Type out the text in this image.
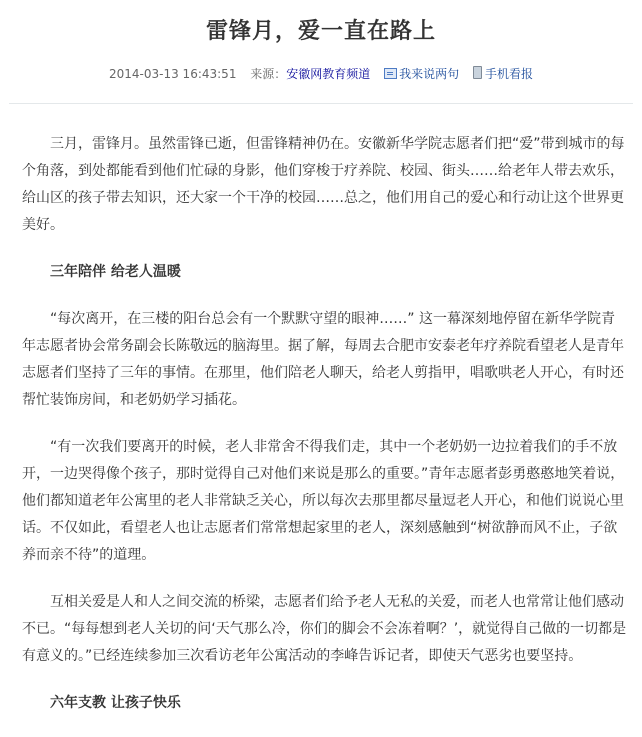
雷锋月，爱一直在路上
2014-03-13 16:43:51 来源：安徽网教育频道 我来说两句 手机看报

三月，雷锋月。虽然雷锋已逝，但雷锋精神仍在。安徽新华学院志愿者们把“爱”带到城市的每个角落，到处都能看到他们忙碌的身影，他们穿梭于疗养院、校园、街头……给老年人带去欢乐，给山区的孩子带去知识，还大家一个干净的校园……总之，他们用自己的爱心和行动让这个世界更美好。

三年陪伴 给老人温暖

“每次离开，在三楼的阳台总会有一个默默守望的眼神……” 这一幕深刻地停留在新华学院青年志愿者协会常务副会长陈敬远的脑海里。据了解，每周去合肥市安泰老年疗养院看望老人是青年志愿者们坚持了三年的事情。在那里，他们陪老人聊天，给老人剪指甲，唱歌哄老人开心，有时还帮忙装饰房间，和老奶奶学习插花。

“有一次我们要离开的时候，老人非常舍不得我们走，其中一个老奶奶一边拉着我们的手不放开，一边哭得像个孩子，那时觉得自己对他们来说是那么的重要。”青年志愿者彭勇憨憨地笑着说，他们都知道老年公寓里的老人非常缺乏关心，所以每次去那里都尽量逗老人开心，和他们说说心里话。不仅如此，看望老人也让志愿者们常常想起家里的老人，深刻感触到“树欲静而风不止，子欲养而亲不待”的道理。

互相关爱是人和人之间交流的桥梁，志愿者们给予老人无私的关爱，而老人也常常让他们感动不已。“每每想到老人关切的问‘天气那么冷，你们的脚会不会冻着啊？’，就觉得自己做的一切都是有意义的。”已经连续参加三次看访老年公寓活动的李峰告诉记者，即使天气恶劣也要坚持。

六年支教 让孩子快乐
